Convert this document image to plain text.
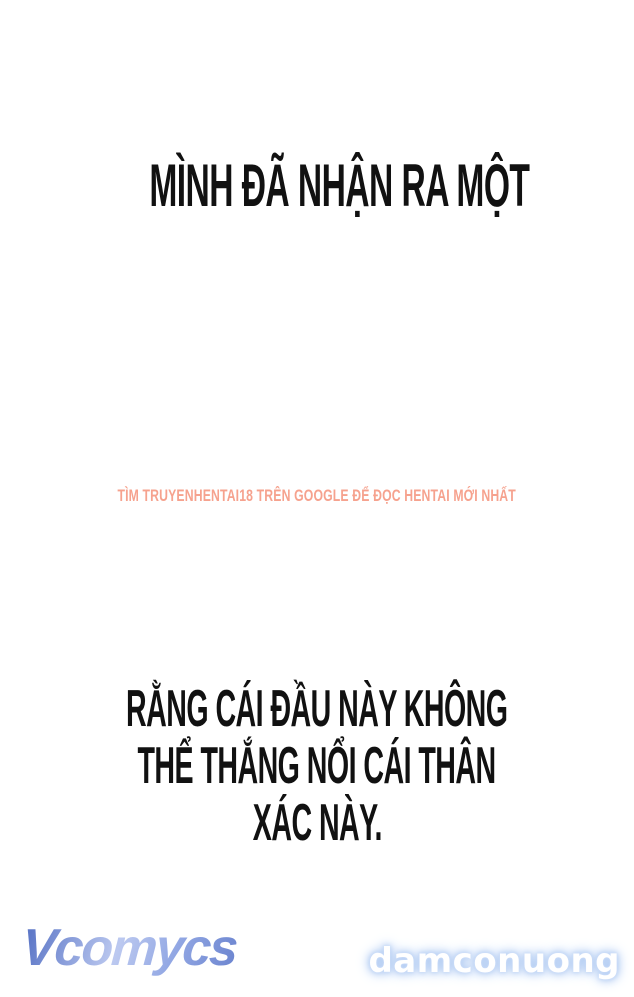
MÌNH ĐÃ NHẬN RA MỘT
TÌM TRUYENHENTAI18 TRÊN GOOGLE ĐỂ ĐỌC HENTAI MỚI NHẤT
RẰNG CÁI ĐẦU NÀY KHÔNG
THỂ THẮNG NỔI CÁI THÂN
XÁC NÀY.
Vcomycs	damconuong
